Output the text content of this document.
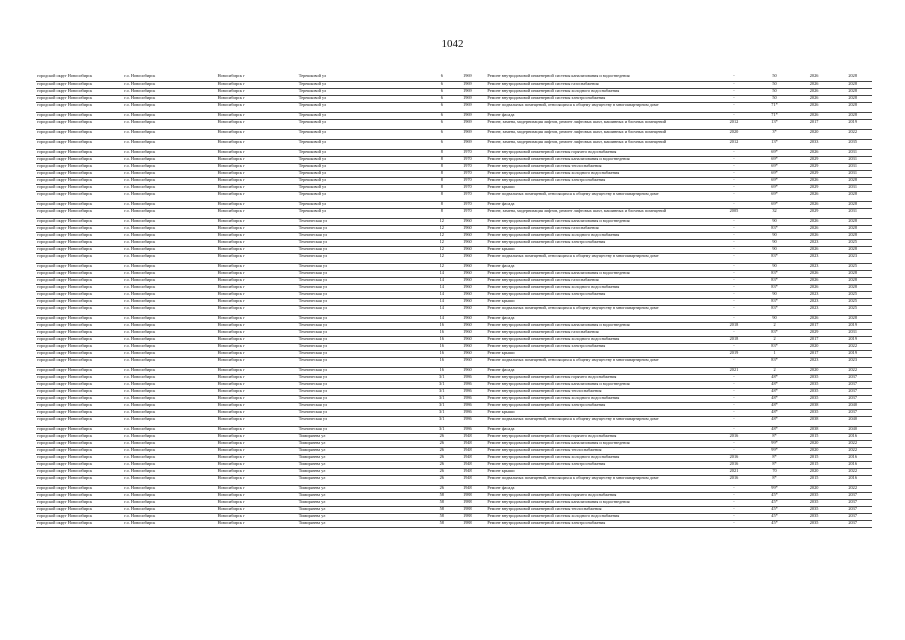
1042
городской округ Новосибирск	г.о. Новосибирск	Новосибирск г	Терешковой ул	6	1969		Ремонт внутридомовой инженерной системы канализования и водоотведения	-	50	2026	2028
городской округ Новосибирск	г.о. Новосибирск	Новосибирск г	Терешковой ул	6	1969		Ремонт внутридомовой инженерной системы газоснабжения	-	50	2026	2028
городской округ Новосибирск	г.о. Новосибирск	Новосибирск г	Терешковой ул	6	1969		Ремонт внутридомовой инженерной системы холодного водоснабжения	-	50	2026	2028
городской округ Новосибирск	г.о. Новосибирск	Новосибирск г	Терешковой ул	6	1969		Ремонт внутридомовой инженерной системы электроснабжения	-	50	2026	2028
городской округ Новосибирск	г.о. Новосибирск	Новосибирск г	Терешковой ул	6	1969		Ремонт подвальных помещений, относящихся к общему имуществу в многоквартирном доме	-	71*	2026	2028
городской округ Новосибирск	г.о. Новосибирск	Новосибирск г	Терешковой ул	6	1969		Ремонт фасада	-	71*	2026	2028
городской округ Новосибирск	г.о. Новосибирск	Новосибирск г	Терешковой ул	6	1969		Ремонт, замена, модернизация лифтов, ремонт лифтовых шахт, машинных и блочных помещений	2012	13*	2017	2019
городской округ Новосибирск	г.о. Новосибирск	Новосибирск г	Терешковой ул	6	1969		Ремонт, замена, модернизация лифтов, ремонт лифтовых шахт, машинных и блочных помещений	2020	3*	2020	2022
городской округ Новосибирск	г.о. Новосибирск	Новосибирск г	Терешковой ул	6	1969		Ремонт, замена, модернизация лифтов, ремонт лифтовых шахт, машинных и блочных помещений	2012	13*	2033	2035
городской округ Новосибирск	г.о. Новосибирск	Новосибирск г	Терешковой ул	8	1970		Ремонт внутридомовой инженерной системы горячего водоснабжения	-	69*	2026	2031
городской округ Новосибирск	г.о. Новосибирск	Новосибирск г	Терешковой ул	8	1970		Ремонт внутридомовой инженерной системы канализования и водоотведения	-	69*	2029	2031
городской округ Новосибирск	г.о. Новосибирск	Новосибирск г	Терешковой ул	8	1970		Ремонт внутридомовой инженерной системы теплоснабжения	-	69*	2029	2031
городской округ Новосибирск	г.о. Новосибирск	Новосибирск г	Терешковой ул	8	1970		Ремонт внутридомовой инженерной системы холодного водоснабжения	-	69*	2029	2031
городской округ Новосибирск	г.о. Новосибирск	Новосибирск г	Терешковой ул	8	1970		Ремонт внутридомовой инженерной системы электроснабжения	-	69*	2026	2028
городской округ Новосибирск	г.о. Новосибирск	Новосибирск г	Терешковой ул	8	1970		Ремонт крыши	-	69*	2029	2031
городской округ Новосибирск	г.о. Новосибирск	Новосибирск г	Терешковой ул	8	1970		Ремонт подвальных помещений, относящихся к общему имуществу в многоквартирном доме	-	69*	2026	2028
городской округ Новосибирск	г.о. Новосибирск	Новосибирск г	Терешковой ул	8	1970		Ремонт фасада	-	69*	2026	2028
городской округ Новосибирск	г.о. Новосибирск	Новосибирск г	Терешковой ул	8	1970		Ремонт, замена, модернизация лифтов, ремонт лифтовых шахт, машинных и блочных помещений	2005	32	2029	2031
городской округ Новосибирск	г.о. Новосибирск	Новосибирск г	Техническая ул	12	1960		Ремонт внутридомовой инженерной системы канализования и водоотведения	-	90	2026	2028
городской округ Новосибирск	г.о. Новосибирск	Новосибирск г	Техническая ул	12	1960		Ремонт внутридомовой инженерной системы газоснабжения	-	83*	2026	2028
городской округ Новосибирск	г.о. Новосибирск	Новосибирск г	Техническая ул	12	1960		Ремонт внутридомовой инженерной системы холодного водоснабжения	-	90	2026	2028
городской округ Новосибирск	г.о. Новосибирск	Новосибирск г	Техническая ул	12	1960		Ремонт внутридомовой инженерной системы электроснабжения	-	90	2023	2025
городской округ Новосибирск	г.о. Новосибирск	Новосибирск г	Техническая ул	12	1960		Ремонт крыши	-	90	2026	2028
городской округ Новосибирск	г.о. Новосибирск	Новосибирск г	Техническая ул	12	1960		Ремонт подвальных помещений, относящихся к общему имуществу в многоквартирном доме	-	83*	2023	2023
городской округ Новосибирск	г.о. Новосибирск	Новосибирск г	Техническая ул	12	1960		Ремонт фасада	-	90	2023	2025
городской округ Новосибирск	г.о. Новосибирск	Новосибирск г	Техническая ул	14	1960		Ремонт внутридомовой инженерной системы канализования и водоотведения	-	83*	2026	2028
городской округ Новосибирск	г.о. Новосибирск	Новосибирск г	Техническая ул	14	1960		Ремонт внутридомовой инженерной системы газоснабжения	-	83*	2026	2028
городской округ Новосибирск	г.о. Новосибирск	Новосибирск г	Техническая ул	14	1960		Ремонт внутридомовой инженерной системы холодного водоснабжения	-	83*	2026	2028
городской округ Новосибирск	г.о. Новосибирск	Новосибирск г	Техническая ул	14	1960		Ремонт внутридомовой инженерной системы электроснабжения	-	90	2023	2025
городской округ Новосибирск	г.о. Новосибирск	Новосибирск г	Техническая ул	14	1960		Ремонт крыши	-	83*	2023	2025
городской округ Новосибирск	г.о. Новосибирск	Новосибирск г	Техническая ул	14	1960		Ремонт подвальных помещений, относящихся к общему имуществу в многоквартирном доме	-	83*	2023	2025
городской округ Новосибирск	г.о. Новосибирск	Новосибирск г	Техническая ул	14	1960		Ремонт фасада	-	90	2026	2028
городской округ Новосибирск	г.о. Новосибирск	Новосибирск г	Техническая ул	16	1960		Ремонт внутридомовой инженерной системы канализования и водоотведения	2018	2	2017	2019
городской округ Новосибирск	г.о. Новосибирск	Новосибирск г	Техническая ул	16	1960		Ремонт внутридомовой инженерной системы газоснабжения	-	83*	2029	2031
городской округ Новосибирск	г.о. Новосибирск	Новосибирск г	Техническая ул	16	1960		Ремонт внутридомовой инженерной системы холодного водоснабжения	2018	2	2017	2019
городской округ Новосибирск	г.о. Новосибирск	Новосибирск г	Техническая ул	16	1960		Ремонт внутридомовой инженерной системы электроснабжения	-	83*	2020	2022
городской округ Новосибирск	г.о. Новосибирск	Новосибирск г	Техническая ул	16	1960		Ремонт крыши	2019	1	2017	2019
городской округ Новосибирск	г.о. Новосибирск	Новосибирск г	Техническая ул	16	1960		Ремонт подвальных помещений, относящихся к общему имуществу в многоквартирном доме	-	83*	2023	2023
городской округ Новосибирск	г.о. Новосибирск	Новосибирск г	Техническая ул	16	1960		Ремонт фасада	2021	2	2020	2022
городской округ Новосибирск	г.о. Новосибирск	Новосибирск г	Техническая ул	3/1	1986		Ремонт внутридомовой инженерной системы горячего водоснабжения	-	48*	2035	2037
городской округ Новосибирск	г.о. Новосибирск	Новосибирск г	Техническая ул	3/1	1986		Ремонт внутридомовой инженерной системы канализования и водоотведения	-	48*	2035	2037
городской округ Новосибирск	г.о. Новосибирск	Новосибирск г	Техническая ул	3/1	1986		Ремонт внутридомовой инженерной системы теплоснабжения	-	48*	2035	2037
городской округ Новосибирск	г.о. Новосибирск	Новосибирск г	Техническая ул	3/1	1986		Ремонт внутридомовой инженерной системы холодного водоснабжения	-	48*	2035	2037
городской округ Новосибирск	г.о. Новосибирск	Новосибирск г	Техническая ул	3/1	1986		Ремонт внутридомовой инженерной системы электроснабжения	-	48*	2038	2040
городской округ Новосибирск	г.о. Новосибирск	Новосибирск г	Техническая ул	3/1	1986		Ремонт крыши	-	48*	2035	2037
городской округ Новосибирск	г.о. Новосибирск	Новосибирск г	Техническая ул	3/1	1986		Ремонт подвальных помещений, относящихся к общему имуществу в многоквартирном доме	-	48*	2038	2040
городской округ Новосибирск	г.о. Новосибирск	Новосибирск г	Техническая ул	3/1	1986		Ремонт фасада	-	48*	2038	2040
городской округ Новосибирск	г.о. Новосибирск	Новосибирск г	Тимирязева ул	26	1948		Ремонт внутридомовой инженерной системы горячего водоснабжения	2016	8*	2015	2016
городской округ Новосибирск	г.о. Новосибирск	Новосибирск г	Тимирязева ул	26	1948		Ремонт внутридомовой инженерной системы канализования и водоотведения	-	99*	2020	2022
городской округ Новосибирск	г.о. Новосибирск	Новосибирск г	Тимирязева ул	26	1948		Ремонт внутридомовой инженерной системы теплоснабжения	-	99*	2020	2022
городской округ Новосибирск	г.о. Новосибирск	Новосибирск г	Тимирязева ул	26	1948		Ремонт внутридомовой инженерной системы холодного водоснабжения	2016	8*	2015	2016
городской округ Новосибирск	г.о. Новосибирск	Новосибирск г	Тимирязева ул	26	1948		Ремонт внутридомовой инженерной системы электроснабжения	2016	8*	2015	2016
городской округ Новосибирск	г.о. Новосибирск	Новосибирск г	Тимирязева ул	26	1948		Ремонт крыши	2021	70	2020	2022
городской округ Новосибирск	г.о. Новосибирск	Новосибирск г	Тимирязева ул	26	1948		Ремонт подвальных помещений, относящихся к общему имуществу в многоквартирном доме	2016	8*	2015	2016
городской округ Новосибирск	г.о. Новосибирск	Новосибирск г	Тимирязева ул	26	1948		Ремонт фасада	-	99*	2020	2022
городской округ Новосибирск	г.о. Новосибирск	Новосибирск г	Тимирязева ул	58	1988		Ремонт внутридомовой инженерной системы горячего водоснабжения	-	45*	2035	2037
городской округ Новосибирск	г.о. Новосибирск	Новосибирск г	Тимирязева ул	58	1988		Ремонт внутридомовой инженерной системы канализования и водоотведения	-	45*	2035	2037
городской округ Новосибирск	г.о. Новосибирск	Новосибирск г	Тимирязева ул	58	1988		Ремонт внутридомовой инженерной системы теплоснабжения	-	45*	2035	2037
городской округ Новосибирск	г.о. Новосибирск	Новосибирск г	Тимирязева ул	58	1988		Ремонт внутридомовой инженерной системы холодного водоснабжения	-	45*	2035	2037
городской округ Новосибирск	г.о. Новосибирск	Новосибирск г	Тимирязева ул	58	1988		Ремонт внутридомовой инженерной системы электроснабжения	-	45*	2035	2037
